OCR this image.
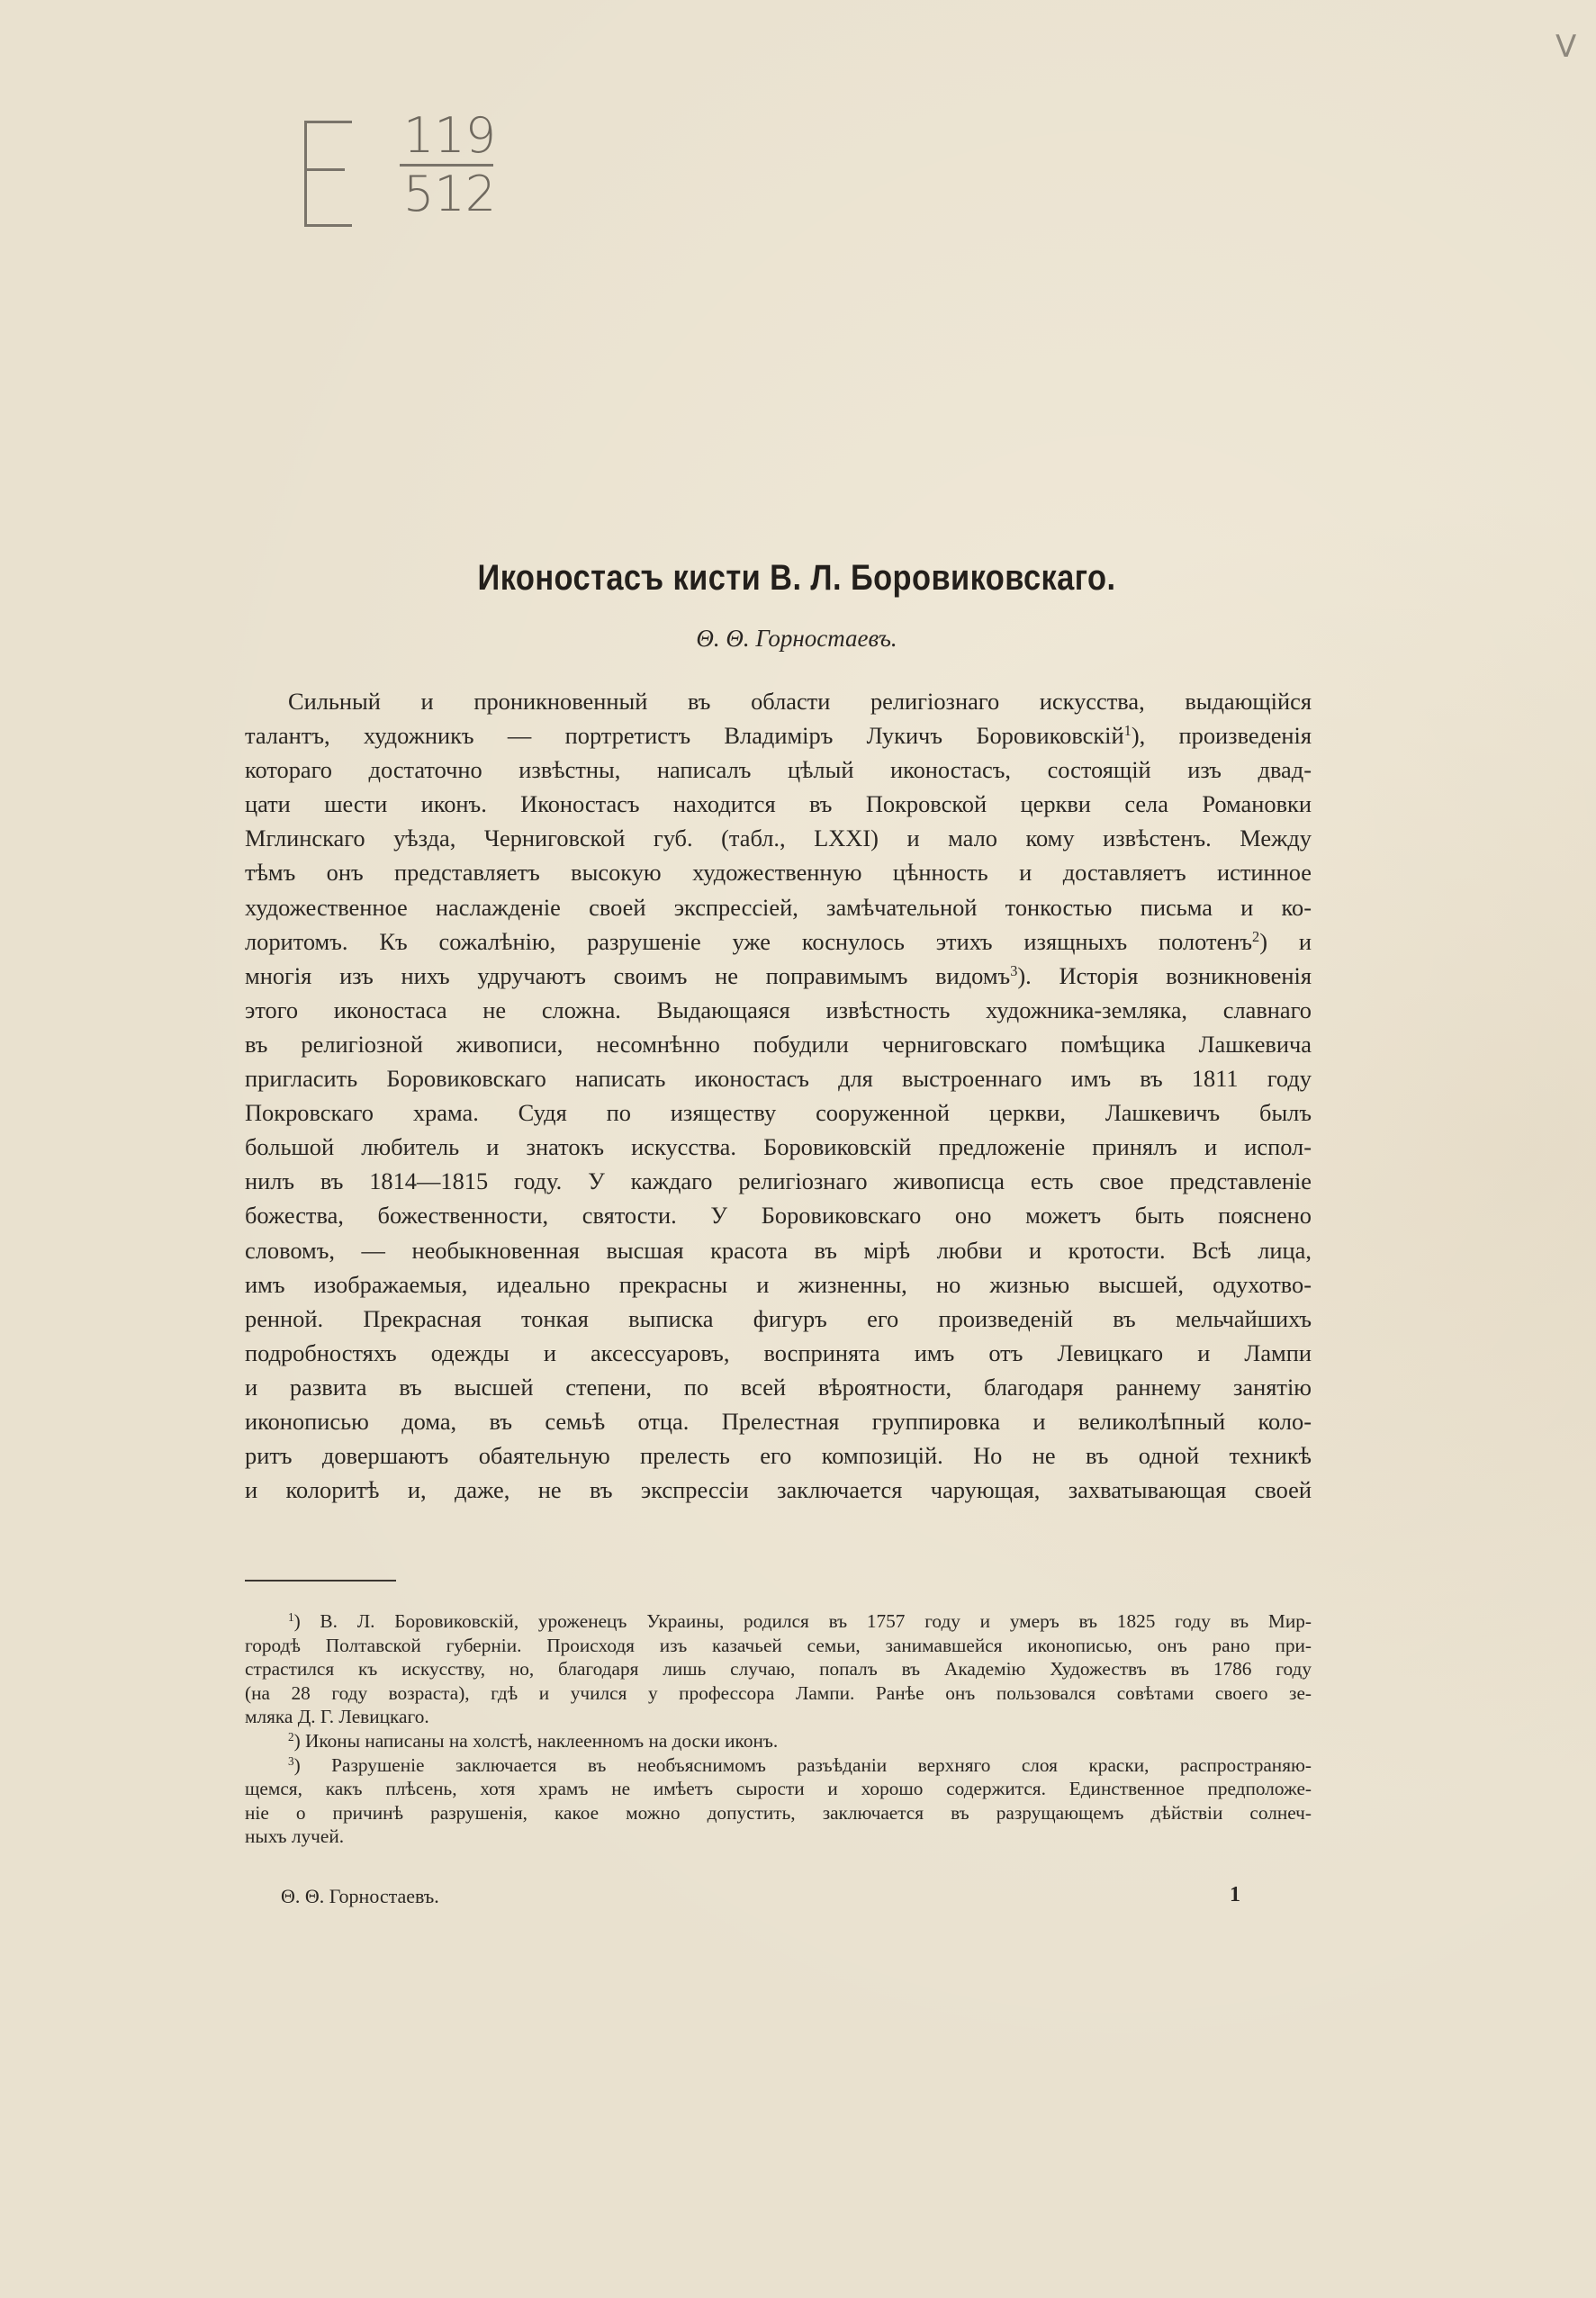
119
512
V
Иконостасъ кисти В. Л. Боровиковскаго.
Θ. Θ. Горностаевъ.
Сильный и проникновенный въ области религiознаго искусства, выдающiйся
талантъ, художникъ — портретистъ Владимiръ Лукичъ Боровиковскiй$^1$), произведенiя
котораго достаточно извѣстны, написалъ цѣлый иконостасъ, состоящiй изъ двад-
цати шести иконъ. Иконостасъ находится въ Покровской церкви села Романовки
Мглинскаго уѣзда, Черниговской губ. (табл., LXXI) и мало кому извѣстенъ. Между
тѣмъ онъ представляетъ высокую художественную цѣнность и доставляетъ истинное
художественное наслажденiе своей экспрессiей, замѣчательной тонкостью письма и ко-
лоритомъ. Къ сожалѣнiю, разрушенiе уже коснулось этихъ изящныхъ полотенъ$^2$) и
многiя изъ нихъ удручаютъ своимъ не поправимымъ видомъ$^3$). Исторiя возникновенiя
этого иконостаса не сложна. Выдающаяся извѣстность художника-земляка, славнаго
въ религiозной живописи, несомнѣнно побудили черниговскаго помѣщика Лашкевича
пригласить Боровиковскаго написать иконостасъ для выстроеннаго имъ въ 1811 году
Покровскаго храма. Судя по изяществу сооруженной церкви, Лашкевичъ былъ
большой любитель и знатокъ искусства. Боровиковскiй предложенiе принялъ и испол-
нилъ въ 1814—1815 году. У каждаго религiознаго живописца есть свое представленiе
божества, божественности, святости. У Боровиковскаго оно можетъ быть пояснено
словомъ, — необыкновенная высшая красота въ мiрѣ любви и кротости. Всѣ лица,
имъ изображаемыя, идеально прекрасны и жизненны, но жизнью высшей, одухотво-
ренной. Прекрасная тонкая выписка фигуръ его произведенiй въ мельчайшихъ
подробностяхъ одежды и аксессуаровъ, воспринята имъ отъ Левицкаго и Лампи
и развита въ высшей степени, по всей вѣроятности, благодаря раннему занятiю
иконописью дома, въ семьѣ отца. Прелестная группировка и великолѣпный коло-
ритъ довершаютъ обаятельную прелесть его композицiй. Но не въ одной техникѣ
и колоритѣ и, даже, не въ экспрессiи заключается чарующая, захватывающая своей
$^1$) В. Л. Боровиковскiй, уроженецъ Украины, родился въ 1757 году и умеръ въ 1825 году въ Мир-
городѣ Полтавской губернiи. Происходя изъ казачьей семьи, занимавшейся иконописью, онъ рано при-
страстился къ искусству, но, благодаря лишь случаю, попалъ въ Академiю Художествъ въ 1786 году
(на 28 году возраста), гдѣ и учился у профессора Лампи. Ранѣе онъ пользовался совѣтами своего зе-
мляка Д. Г. Левицкаго.
$^2$) Иконы написаны на холстѣ, наклеенномъ на доски иконъ.
$^3$) Разрушенiе заключается въ необъяснимомъ разъѣданiи верхняго слоя краски, распространяю-
щемся, какъ плѣсень, хотя храмъ не имѣетъ сырости и хорошо содержится. Единственное предположе-
нiе о причинѣ разрушенiя, какое можно допустить, заключается въ разрущающемъ дѣйствiи солнеч-
ныхъ лучей.
Θ. Θ. Горностаевъ.	1
